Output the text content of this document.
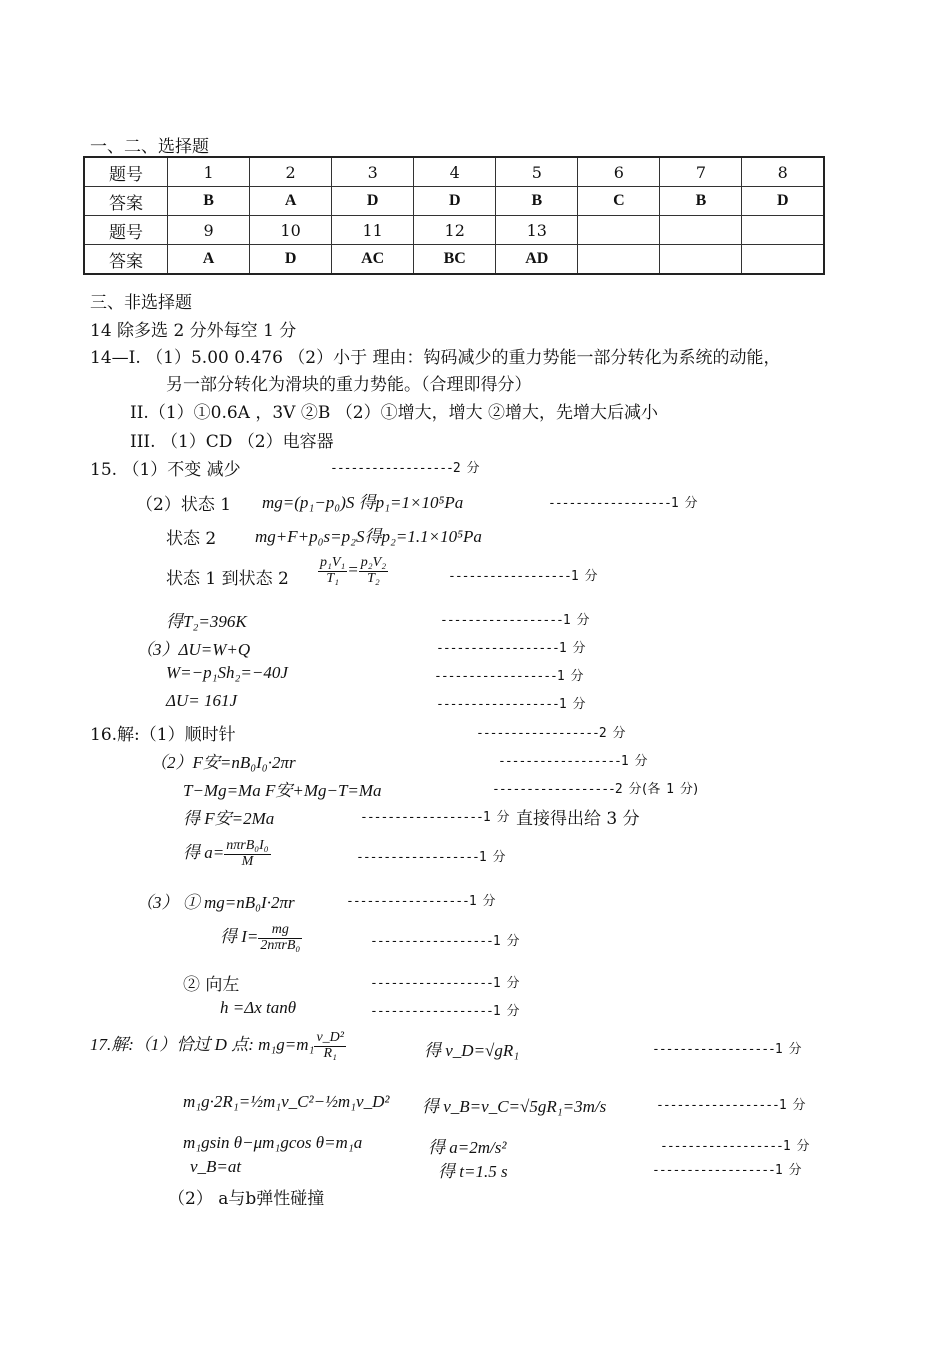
一、二、选择题
题号	1	2	3	4	5	6	7	8
答案	B	A	D	D	B	C	B	D
题号	9	10	11	12	13			
答案	A	D	AC	BC	AD			
三、非选择题
14 除多选 2 分外每空 1 分
14—I. （1）5.00 0.476 （2）小于 理由：钩码减少的重力势能一部分转化为系统的动能，
另一部分转化为滑块的重力势能。（合理即得分）
II.（1）①0.6A ，3V ②B （2）①增大，增大 ②增大，先增大后减小
III. （1）CD （2）电容器
15. （1）不变 减少	------------------2 分
（2）状态 1 mg=(p₁−p₀)S 得p₁=1×10⁵Pa	------------------1 分
状态 2 mg+F+p₀s=p₂S得p₂=1.1×10⁵Pa
状态 1 到状态 $2 \frac{\text{p₁V₁}}{\text{T₁}} = \frac{\text{p₂V₂}}{\text{T₂}}$	------------------1 分
得T₂=396K	------------------1 分
（3）ΔU=W+Q	------------------1 分
W=−p₁Sh₂=−40J	------------------1 分
ΔU= 161J	------------------1 分
16.解:（1）顺时针	------------------2 分
（2）F安=nB₀I₀·2πr	------------------1 分
T−Mg=Ma F安+Mg−T=Ma	------------------2 分(各 1 分)
得 F安=2Ma	------------------1 分 直接得出给 3 分
得 $a= \frac{\text{nπrB₀I₀}}{M}$	------------------1 分
（3） ① mg=nB₀I·2πr	------------------1 分
得 $I= \frac{mg}{\text{2nπrB₀}}$	------------------1 分
② 向左	------------------1 分
h =Δx tanθ	------------------1 分
17.解:（1）恰过 D 点: $m_1g=m_1 \frac{\text{v\_D²}}{\text{R₁}}$	得 v_D=√gR₁	------------------1 分
m₁g·2R₁=½m₁v_C²−½m₁v_D² 得 v_B=v_C=√5gR₁=3m/s	------------------1 分
m₁gsin θ−μm₁gcos θ=m₁a	得 a=2m/s²	------------------1 分
v_B=at	得 t=1.5 s	------------------1 分
（2） a与b弹性碰撞
